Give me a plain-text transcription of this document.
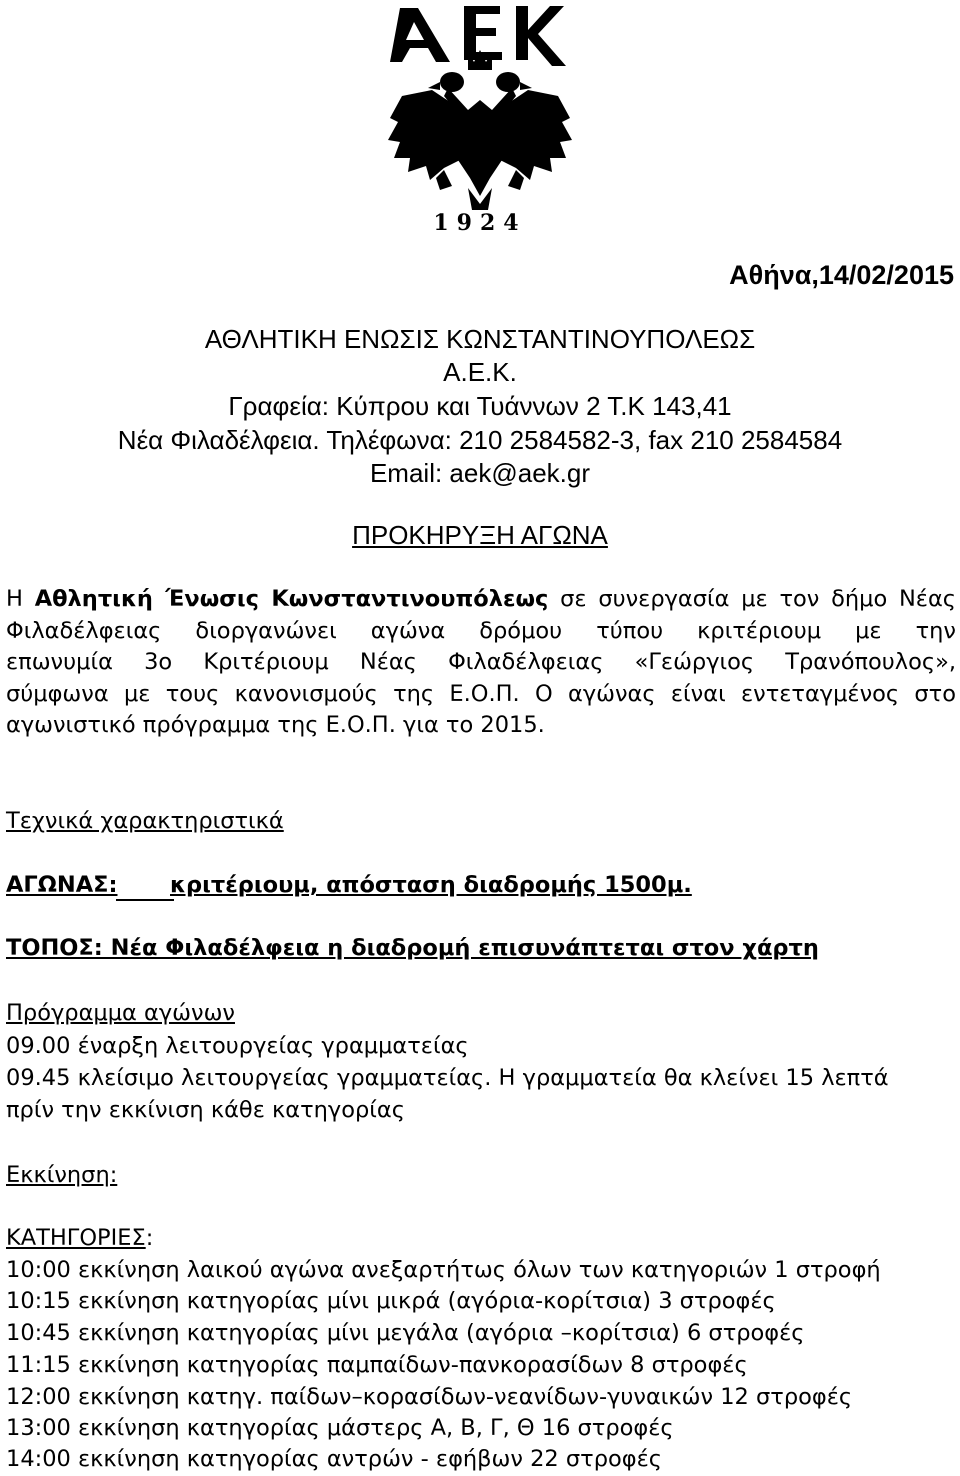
1924
Αθήνα,14/02/2015
ΑΘΛΗΤΙΚΗ ΕΝΩΣΙΣ ΚΩΝΣΤΑΝΤΙΝΟΥΠΟΛΕΩΣ
Α.Ε.Κ.
Γραφεία: Κύπρου και Τυάννων 2 Τ.Κ 143,41
Νέα Φιλαδέλφεια. Τηλέφωνα: 210 2584582-3, fax 210 2584584
Email: aek@aek.gr
ΠΡΟΚΗΡΥΞΗ ΑΓΩΝΑ
Η Αθλητική Ένωσις Κωνσταντινουπόλεως σε συνεργασία με τον δήμο Νέας
Φιλαδέλφειας διοργανώνει αγώνα δρόμου τύπου κριτέριουμ με την
επωνυμία 3ο Κριτέριουμ Νέας Φιλαδέλφειας «Γεώργιος Τρανόπουλος»,
σύμφωνα με τους κανονισμούς της Ε.Ο.Π. Ο αγώνας είναι εντεταγμένος στο
αγωνιστικό πρόγραμμα της Ε.Ο.Π. για το 2015.
Τεχνικά χαρακτηριστικά
ΑΓΩΝΑΣ: κριτέριουμ, απόσταση διαδρομής 1500μ.
ΤΟΠΟΣ: Νέα Φιλαδέλφεια η διαδρομή επισυνάπτεται στον χάρτη
Πρόγραμμα αγώνων
09.00 έναρξη λειτουργείας γραμματείας
09.45 κλείσιμο λειτουργείας γραμματείας. Η γραμματεία θα κλείνει 15 λεπτά
πρίν την εκκίνιση κάθε κατηγορίας
Εκκίνηση:
ΚΑΤΗΓΟΡΙΕΣ:
10:00 εκκίνηση λαικού αγώνα ανεξαρτήτως όλων των κατηγοριών 1 στροφή
10:15 εκκίνηση κατηγορίας μίνι μικρά (αγόρια-κορίτσια) 3 στροφές
10:45 εκκίνηση κατηγορίας μίνι μεγάλα (αγόρια –κορίτσια) 6 στροφές
11:15 εκκίνηση κατηγορίας παμπαίδων-πανκορασίδων 8 στροφές
12:00 εκκίνηση κατηγ. παίδων–κορασίδων-νεανίδων-γυναικών 12 στροφές
13:00 εκκίνηση κατηγορίας μάστερς Α, Β, Γ, Θ 16 στροφές
14:00 εκκίνηση κατηγορίας αντρών - εφήβων 22 στροφές
